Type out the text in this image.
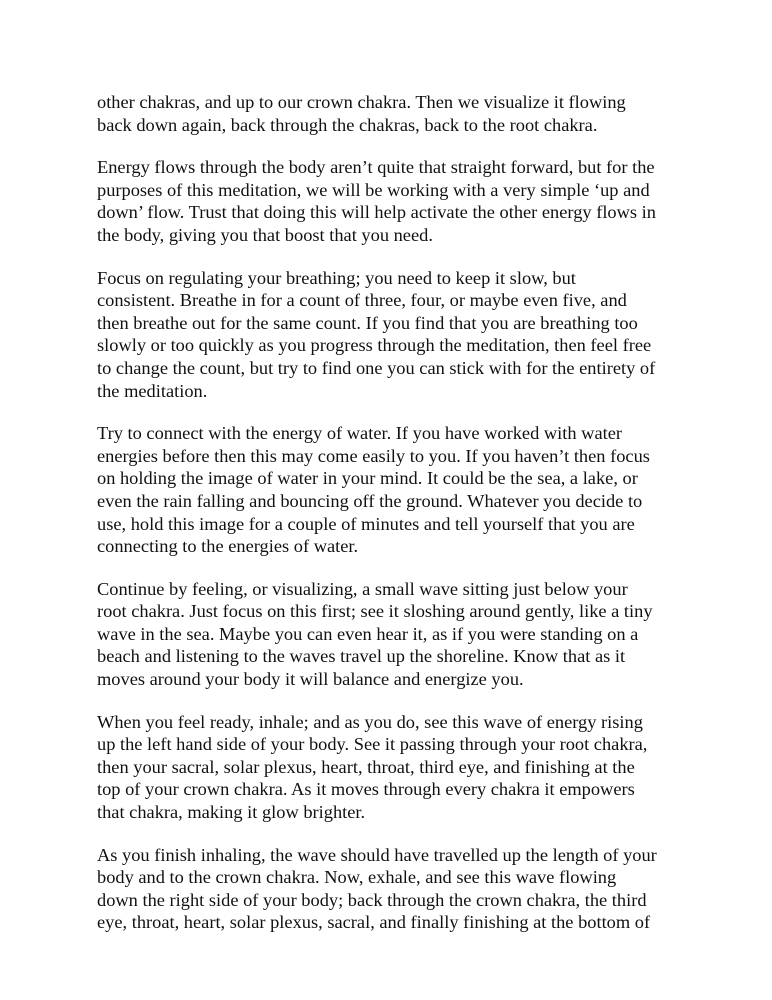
other chakras, and up to our crown chakra. Then we visualize it flowing
back down again, back through the chakras, back to the root chakra.

Energy flows through the body aren’t quite that straight forward, but for the
purposes of this meditation, we will be working with a very simple ‘up and
down’ flow. Trust that doing this will help activate the other energy flows in
the body, giving you that boost that you need.

Focus on regulating your breathing; you need to keep it slow, but
consistent. Breathe in for a count of three, four, or maybe even five, and
then breathe out for the same count. If you find that you are breathing too
slowly or too quickly as you progress through the meditation, then feel free
to change the count, but try to find one you can stick with for the entirety of
the meditation.

Try to connect with the energy of water. If you have worked with water
energies before then this may come easily to you. If you haven’t then focus
on holding the image of water in your mind. It could be the sea, a lake, or
even the rain falling and bouncing off the ground. Whatever you decide to
use, hold this image for a couple of minutes and tell yourself that you are
connecting to the energies of water.

Continue by feeling, or visualizing, a small wave sitting just below your
root chakra. Just focus on this first; see it sloshing around gently, like a tiny
wave in the sea. Maybe you can even hear it, as if you were standing on a
beach and listening to the waves travel up the shoreline. Know that as it
moves around your body it will balance and energize you.

When you feel ready, inhale; and as you do, see this wave of energy rising
up the left hand side of your body. See it passing through your root chakra,
then your sacral, solar plexus, heart, throat, third eye, and finishing at the
top of your crown chakra. As it moves through every chakra it empowers
that chakra, making it glow brighter.

As you finish inhaling, the wave should have travelled up the length of your
body and to the crown chakra. Now, exhale, and see this wave flowing
down the right side of your body; back through the crown chakra, the third
eye, throat, heart, solar plexus, sacral, and finally finishing at the bottom of
